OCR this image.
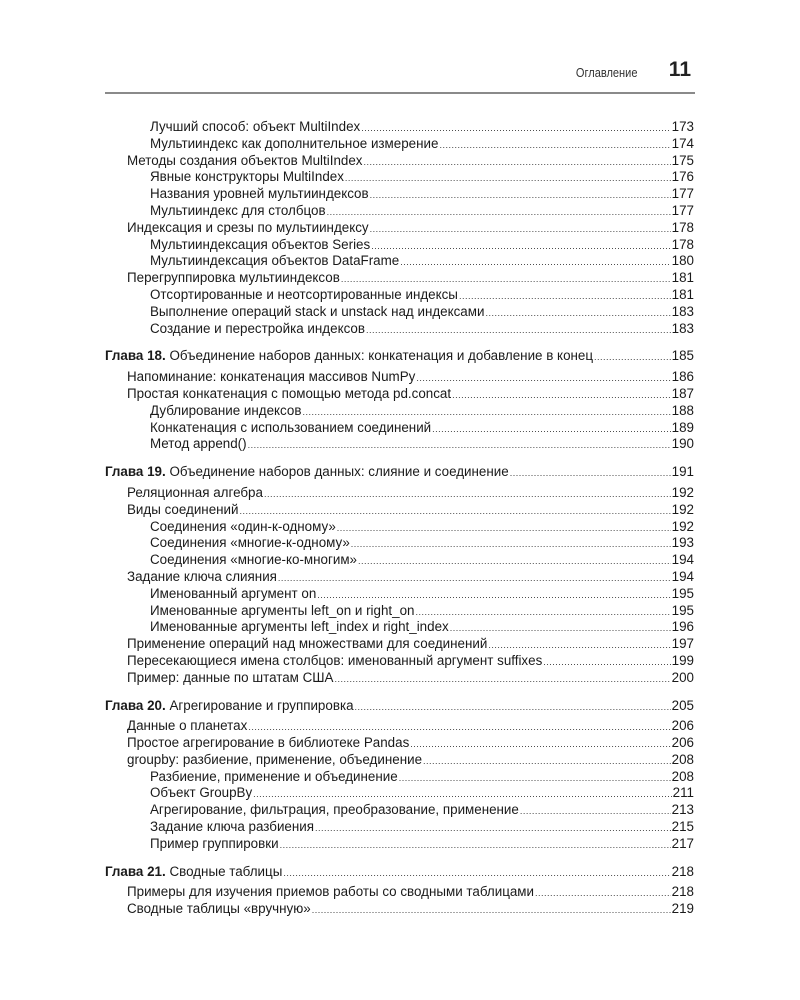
Оглавление 11
Лучший способ: объект MultiIndex .....	173
Мультииндекс как дополнительное измерение .....	174
Методы создания объектов MultiIndex .....	175
Явные конструкторы MultiIndex .....	176
Названия уровней мультииндексов .....	177
Мультииндекс для столбцов .....	177
Индексация и срезы по мультииндексу .....	178
Мультииндексация объектов Series .....	178
Мультииндексация объектов DataFrame .....	180
Перегруппировка мультииндексов .....	181
Отсортированные и неотсортированные индексы .....	181
Выполнение операций stack и unstack над индексами .....	183
Создание и перестройка индексов .....	183
Глава 18. Объединение наборов данных: конкатенация и добавление в конец .....	185
Напоминание: конкатенация массивов NumPy .....	186
Простая конкатенация с помощью метода pd.concat .....	187
Дублирование индексов .....	188
Конкатенация с использованием соединений .....	189
Метод append() .....	190
Глава 19. Объединение наборов данных: слияние и соединение .....	191
Реляционная алгебра .....	192
Виды соединений .....	192
Соединения «один-к-одному» .....	192
Соединения «многие-к-одному» .....	193
Соединения «многие-ко-многим» .....	194
Задание ключа слияния .....	194
Именованный аргумент on .....	195
Именованные аргументы left_on и right_on .....	195
Именованные аргументы left_index и right_index .....	196
Применение операций над множествами для соединений .....	197
Пересекающиеся имена столбцов: именованный аргумент suffixes .....	199
Пример: данные по штатам США .....	200
Глава 20. Агрегирование и группировка .....	205
Данные о планетах .....	206
Простое агрегирование в библиотеке Pandas .....	206
groupby: разбиение, применение, объединение .....	208
Разбиение, применение и объединение .....	208
Объект GroupBy .....	211
Агрегирование, фильтрация, преобразование, применение .....	213
Задание ключа разбиения .....	215
Пример группировки .....	217
Глава 21. Сводные таблицы .....	218
Примеры для изучения приемов работы со сводными таблицами .....	218
Сводные таблицы «вручную» .....	219
